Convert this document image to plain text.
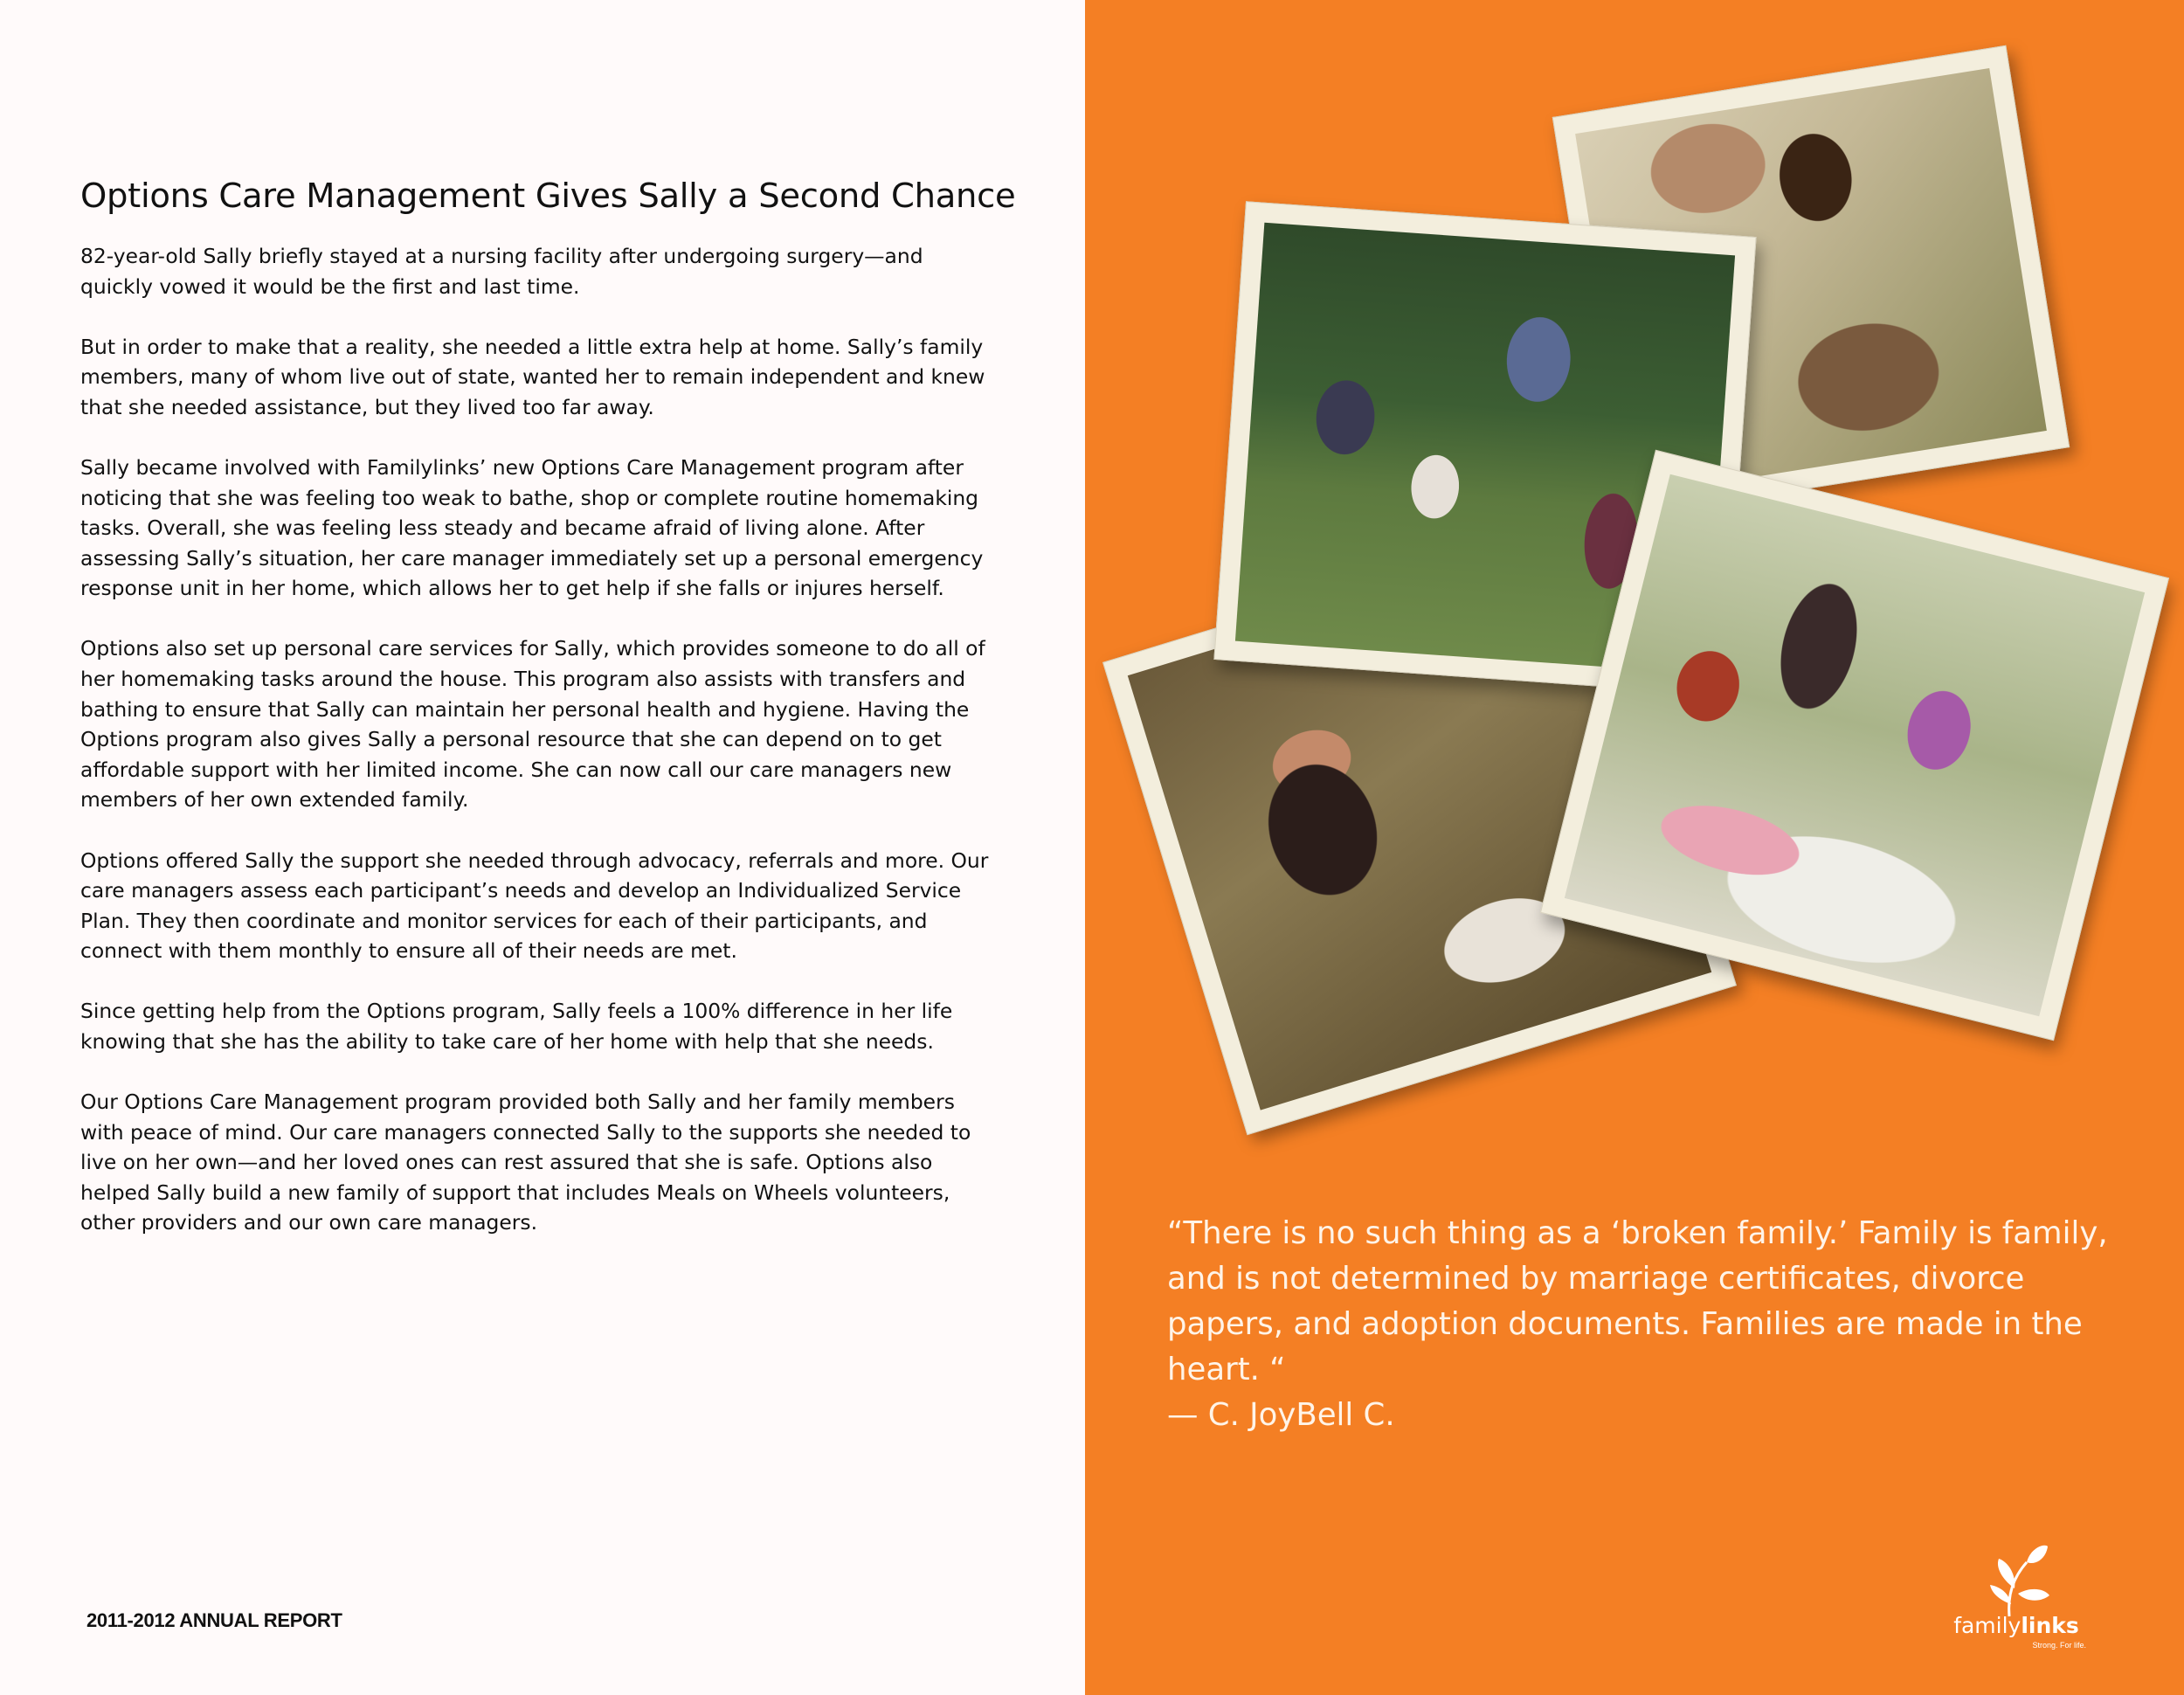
Options Care Management Gives Sally a Second Chance

82-year-old Sally briefly stayed at a nursing facility after undergoing surgery—and quickly vowed it would be the first and last time.

But in order to make that a reality, she needed a little extra help at home. Sally’s family members, many of whom live out of state, wanted her to remain independent and knew that she needed assistance, but they lived too far away.

Sally became involved with Familylinks’ new Options Care Management program after noticing that she was feeling too weak to bathe, shop or complete routine homemaking tasks. Overall, she was feeling less steady and became afraid of living alone. After assessing Sally’s situation, her care manager immediately set up a personal emergency response unit in her home, which allows her to get help if she falls or injures herself.

Options also set up personal care services for Sally, which provides someone to do all of her homemaking tasks around the house. This program also assists with transfers and bathing to ensure that Sally can maintain her personal health and hygiene. Having the Options program also gives Sally a personal resource that she can depend on to get affordable support with her limited income. She can now call our care managers new members of her own extended family.

Options offered Sally the support she needed through advocacy, referrals and more. Our care managers assess each participant’s needs and develop an Individualized Service Plan. They then coordinate and monitor services for each of their participants, and connect with them monthly to ensure all of their needs are met.

Since getting help from the Options program, Sally feels a 100% difference in her life knowing that she has the ability to take care of her home with help that she needs.

Our Options Care Management program provided both Sally and her family members with peace of mind. Our care managers connected Sally to the supports she needed to live on her own—and her loved ones can rest assured that she is safe. Options also helped Sally build a new family of support that includes Meals on Wheels volunteers, other providers and our own care managers.

2011-2012 ANNUAL REPORT
“There is no such thing as a ‘broken family.’ Family is family, and is not determined by marriage certificates, divorce papers, and adoption documents. Families are made in the heart. “
— C. JoyBell C.
familylinks
Strong. For life.
